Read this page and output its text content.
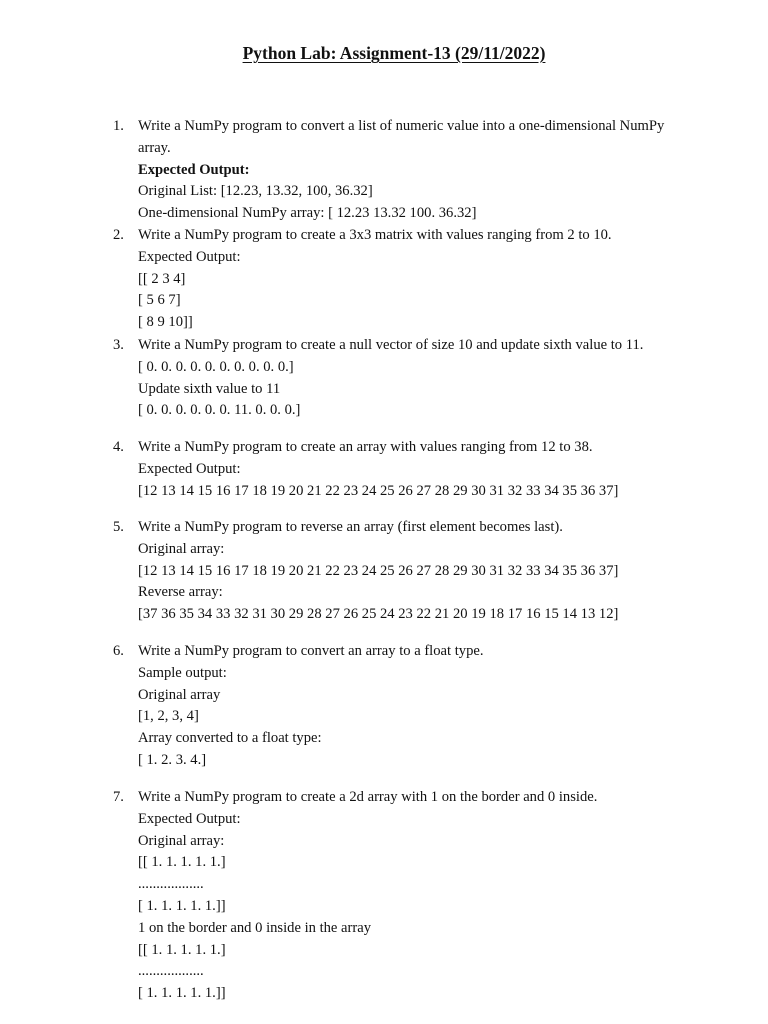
Python Lab: Assignment-13 (29/11/2022)
1. Write a NumPy program to convert a list of numeric value into a one-dimensional NumPy
array.
Expected Output:
Original List: [12.23, 13.32, 100, 36.32]
One-dimensional NumPy array: [ 12.23 13.32 100. 36.32]
2. Write a NumPy program to create a 3x3 matrix with values ranging from 2 to 10.
Expected Output:
[[ 2 3 4]
[ 5 6 7]
[ 8 9 10]]
3. Write a NumPy program to create a null vector of size 10 and update sixth value to 11.
[ 0. 0. 0. 0. 0. 0. 0. 0. 0. 0.]
Update sixth value to 11
[ 0. 0. 0. 0. 0. 0. 11. 0. 0. 0.]
4. Write a NumPy program to create an array with values ranging from 12 to 38.
Expected Output:
[12 13 14 15 16 17 18 19 20 21 22 23 24 25 26 27 28 29 30 31 32 33 34 35 36 37]
5. Write a NumPy program to reverse an array (first element becomes last).
Original array:
[12 13 14 15 16 17 18 19 20 21 22 23 24 25 26 27 28 29 30 31 32 33 34 35 36 37]
Reverse array:
[37 36 35 34 33 32 31 30 29 28 27 26 25 24 23 22 21 20 19 18 17 16 15 14 13 12]
6. Write a NumPy program to convert an array to a float type.
Sample output:
Original array
[1, 2, 3, 4]
Array converted to a float type:
[ 1. 2. 3. 4.]
7. Write a NumPy program to create a 2d array with 1 on the border and 0 inside.
Expected Output:
Original array:
[[ 1. 1. 1. 1. 1.]
..................
[ 1. 1. 1. 1. 1.]]
1 on the border and 0 inside in the array
[[ 1. 1. 1. 1. 1.]
..................
[ 1. 1. 1. 1. 1.]]
